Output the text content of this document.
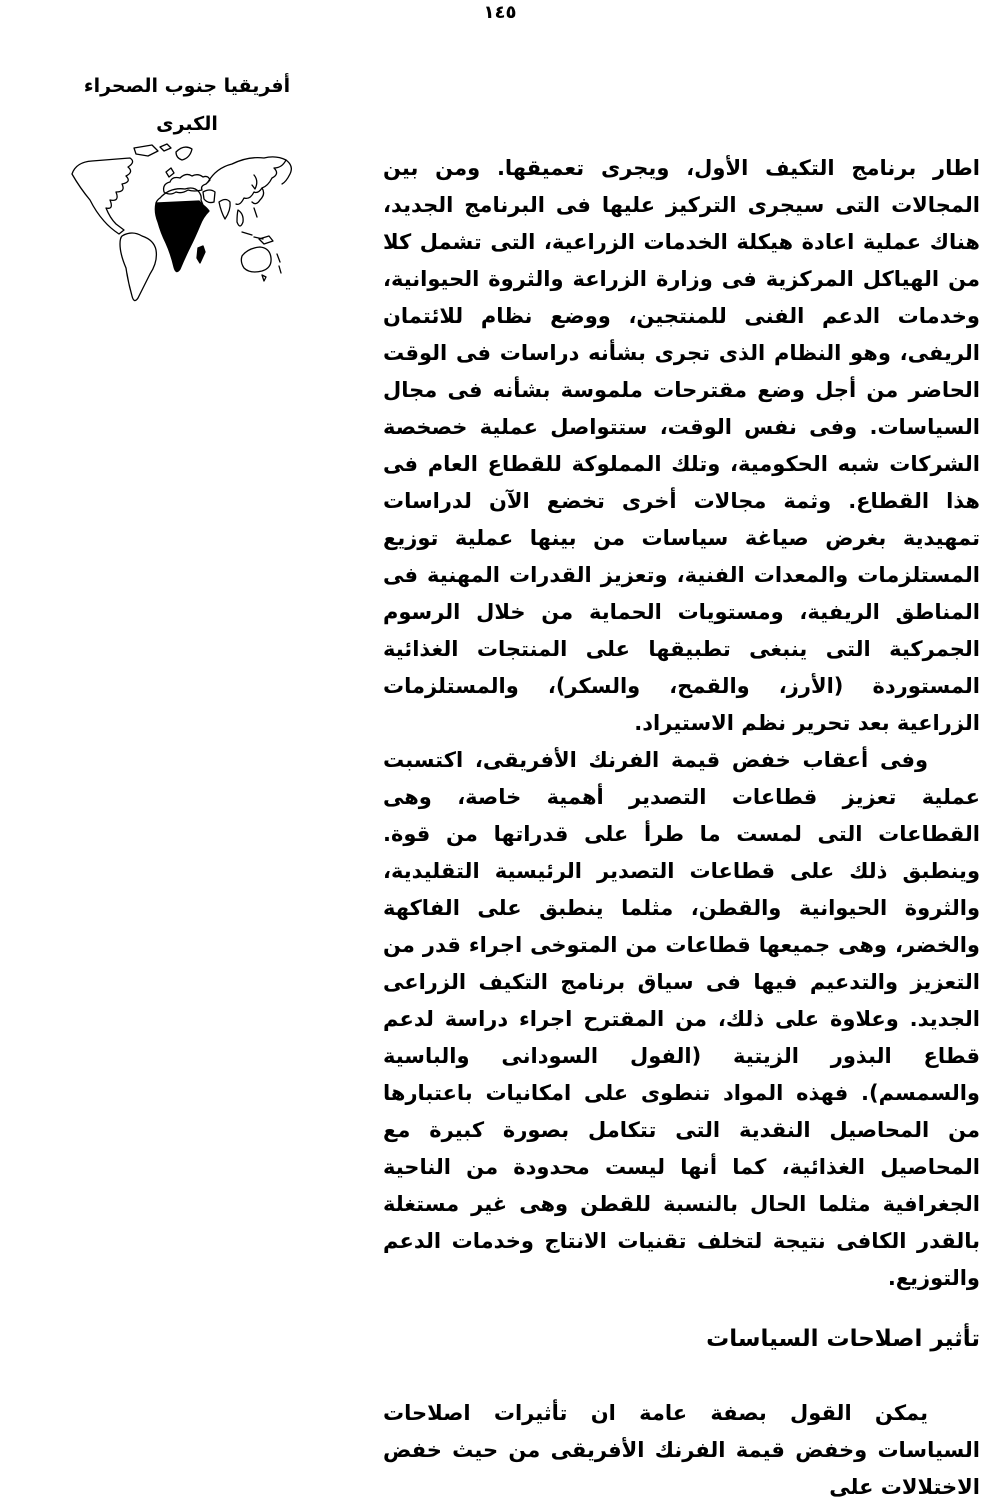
١٤٥
أفريقيا جنوب الصحراء
الكبرى

اطار برنامج التكيف الأول، ويجرى تعميقها. ومن بين المجالات التى سيجرى التركيز عليها فى البرنامج الجديد، هناك عملية اعادة هيكلة الخدمات الزراعية، التى تشمل كلا من الهياكل المركزية فى وزارة الزراعة والثروة الحيوانية، وخدمات الدعم الفنى للمنتجين، ووضع نظام للائتمان الريفى، وهو النظام الذى تجرى بشأنه دراسات فى الوقت الحاضر من أجل وضع مقترحات ملموسة بشأنه فى مجال السياسات. وفى نفس الوقت، ستتواصل عملية خصخصة الشركات شبه الحكومية، وتلك المملوكة للقطاع العام فى هذا القطاع. وثمة مجالات أخرى تخضع الآن لدراسات تمهيدية بغرض صياغة سياسات من بينها عملية توزيع المستلزمات والمعدات الفنية، وتعزيز القدرات المهنية فى المناطق الريفية، ومستويات الحماية من خلال الرسوم الجمركية التى ينبغى تطبيقها على المنتجات الغذائية المستوردة (الأرز، والقمح، والسكر)، والمستلزمات الزراعية بعد تحرير نظم الاستيراد.

وفى أعقاب خفض قيمة الفرنك الأفريقى، اكتسبت عملية تعزيز قطاعات التصدير أهمية خاصة، وهى القطاعات التى لمست ما طرأ على قدراتها من قوة. وينطبق ذلك على قطاعات التصدير الرئيسية التقليدية، والثروة الحيوانية والقطن، مثلما ينطبق على الفاكهة والخضر، وهى جميعها قطاعات من المتوخى اجراء قدر من التعزيز والتدعيم فيها فى سياق برنامج التكيف الزراعى الجديد. وعلاوة على ذلك، من المقترح اجراء دراسة لدعم قطاع البذور الزيتية (الفول السودانى والباسية والسمسم). فهذه المواد تنطوى على امكانيات باعتبارها من المحاصيل النقدية التى تتكامل بصورة كبيرة مع المحاصيل الغذائية، كما أنها ليست محدودة من الناحية الجغرافية مثلما الحال بالنسبة للقطن وهى غير مستغلة بالقدر الكافى نتيجة لتخلف تقنيات الانتاج وخدمات الدعم والتوزيع.

تأثير اصلاحات السياسات

يمكن القول بصفة عامة ان تأثيرات اصلاحات السياسات وخفض قيمة الفرنك الأفريقى من حيث خفض الاختلالات على
